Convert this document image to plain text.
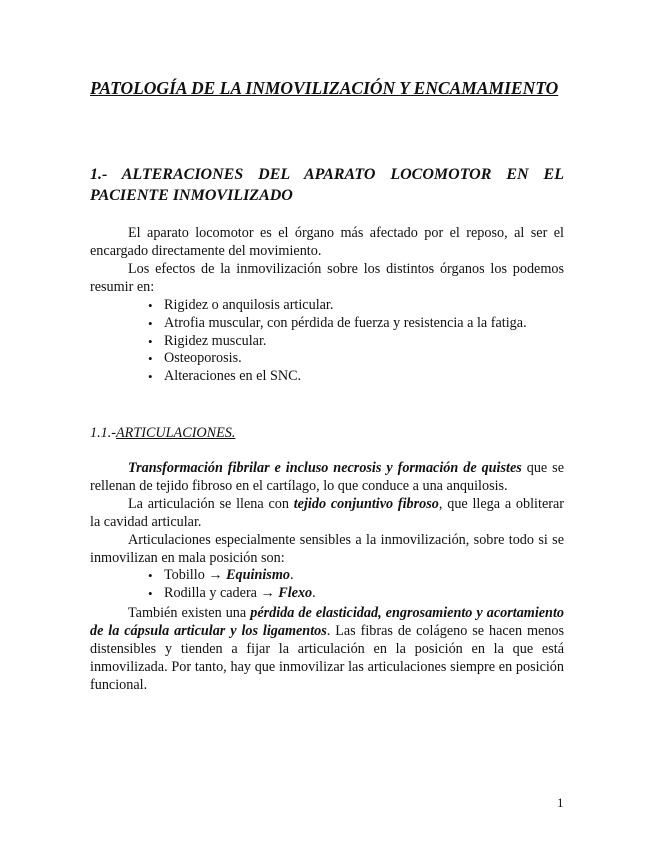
PATOLOGÍA DE LA INMOVILIZACIÓN Y ENCAMAMIENTO
1.- ALTERACIONES DEL APARATO LOCOMOTOR EN EL PACIENTE INMOVILIZADO

El aparato locomotor es el órgano más afectado por el reposo, al ser el encargado directamente del movimiento.

Los efectos de la inmovilización sobre los distintos órganos los podemos resumir en:

• Rigidez o anquilosis articular.
• Atrofia muscular, con pérdida de fuerza y resistencia a la fatiga.
• Rigidez muscular.
• Osteoporosis.
• Alteraciones en el SNC.

1.1.-ARTICULACIONES.

Transformación fibrilar e incluso necrosis y formación de quistes que se rellenan de tejido fibroso en el cartílago, lo que conduce a una anquilosis.

La articulación se llena con tejido conjuntivo fibroso, que llega a obliterar la cavidad articular.

Articulaciones especialmente sensibles a la inmovilización, sobre todo si se inmovilizan en mala posición son:

• Tobillo → Equinismo.
• Rodilla y cadera → Flexo.

También existen una pérdida de elasticidad, engrosamiento y acortamiento de la cápsula articular y los ligamentos. Las fibras de colágeno se hacen menos distensibles y tienden a fijar la articulación en la posición en la que está inmovilizada. Por tanto, hay que inmovilizar las articulaciones siempre en posición funcional.

1
